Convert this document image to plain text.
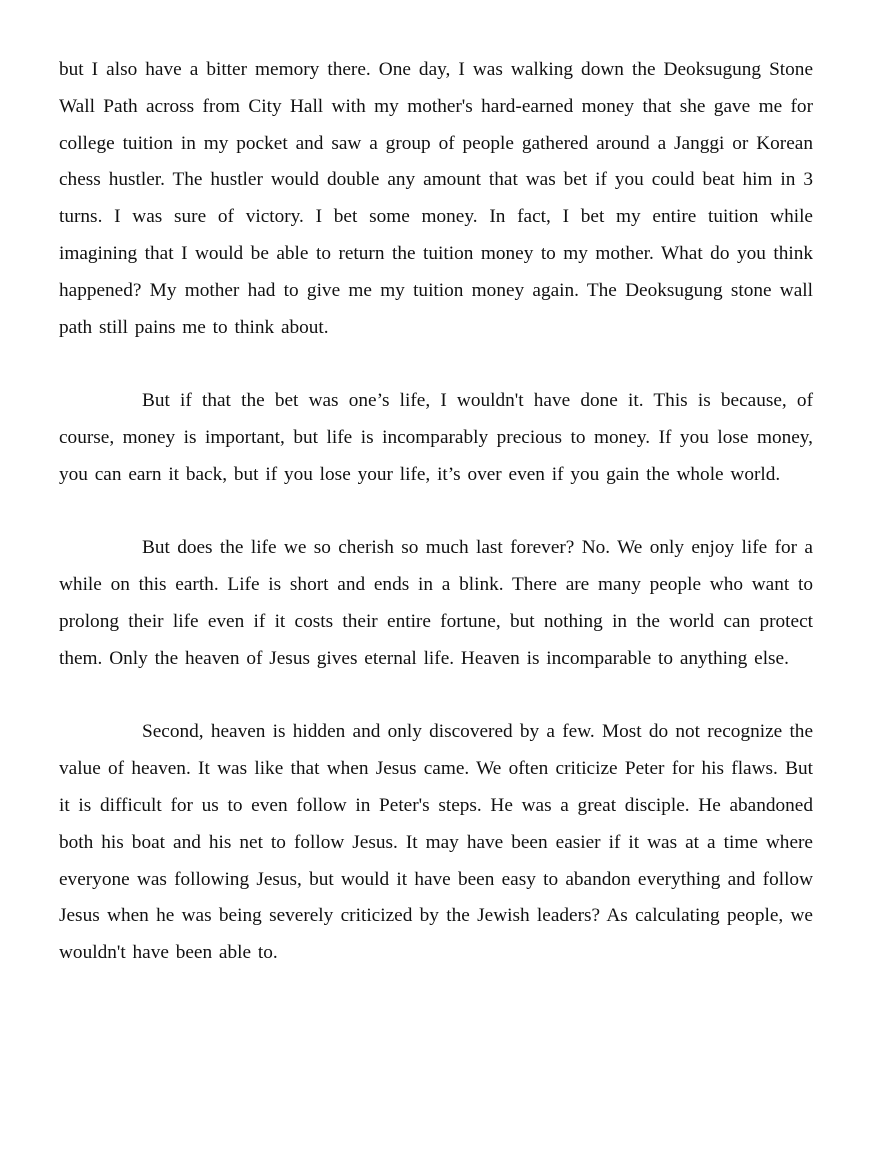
but I also have a bitter memory there. One day, I was walking down the Deoksugung Stone Wall Path across from City Hall with my mother's hard-earned money that she gave me for college tuition in my pocket and saw a group of people gathered around a Janggi or Korean chess hustler. The hustler would double any amount that was bet if you could beat him in 3 turns. I was sure of victory. I bet some money. In fact, I bet my entire tuition while imagining that I would be able to return the tuition money to my mother. What do you think happened? My mother had to give me my tuition money again. The Deoksugung stone wall path still pains me to think about.

But if that the bet was one’s life, I wouldn't have done it. This is because, of course, money is important, but life is incomparably precious to money. If you lose money, you can earn it back, but if you lose your life, it’s over even if you gain the whole world.

But does the life we so cherish so much last forever? No. We only enjoy life for a while on this earth. Life is short and ends in a blink. There are many people who want to prolong their life even if it costs their entire fortune, but nothing in the world can protect them. Only the heaven of Jesus gives eternal life. Heaven is incomparable to anything else.

Second, heaven is hidden and only discovered by a few. Most do not recognize the value of heaven. It was like that when Jesus came. We often criticize Peter for his flaws. But it is difficult for us to even follow in Peter's steps. He was a great disciple. He abandoned both his boat and his net to follow Jesus. It may have been easier if it was at a time where everyone was following Jesus, but would it have been easy to abandon everything and follow Jesus when he was being severely criticized by the Jewish leaders? As calculating people, we wouldn't have been able to.
